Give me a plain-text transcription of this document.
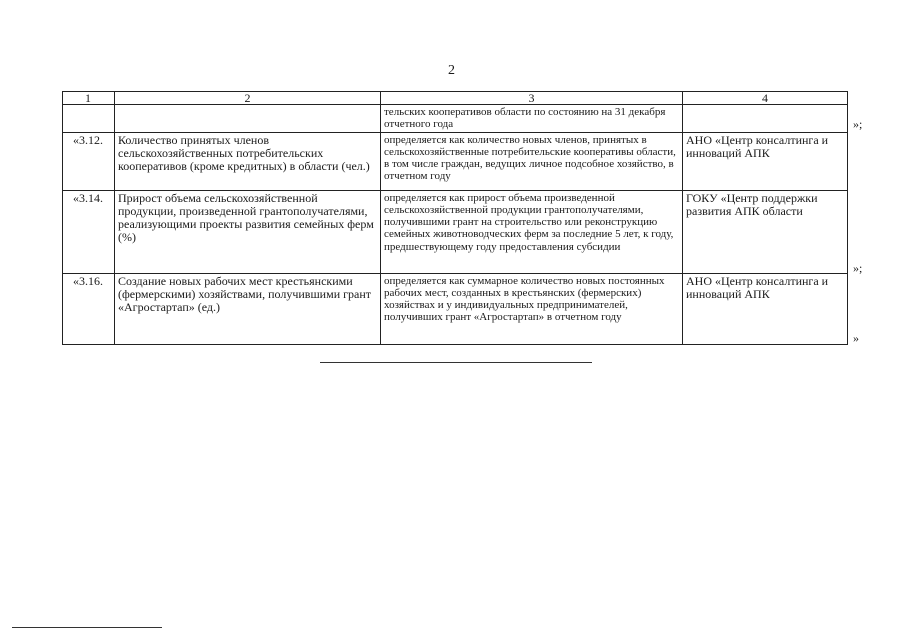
2
1	2	3	4
		тельских кооперативов области по состоянию на 31 декабря отчетного года	
«3.12.	Количество принятых членов сельскохозяйственных потребительских кооперативов (кроме кредитных) в области (чел.)	определяется как количество новых членов, принятых в сельскохозяйственные потребительские кооперативы области, в том числе граждан, ведущих личное подсобное хозяйство, в отчетном году	АНО «Центр консалтинга и инноваций АПК
«3.14.	Прирост объема сельскохозяйственной продукции, произведенной грантополучателями, реализующими проекты развития семейных ферм (%)	определяется как прирост объема произведенной сельскохозяйственной продукции грантополучателями, получившими грант на строительство или реконструкцию семейных животноводческих ферм за последние 5 лет, к году, предшествующему году предоставления субсидии	ГОКУ «Центр поддержки развития АПК области
«3.16.	Создание новых рабочих мест крестьянскими (фермерскими) хозяйствами, получившими грант «Агростартап» (ед.)	определяется как суммарное количество новых постоянных рабочих мест, созданных в крестьянских (фермерских) хозяйствах и у индивидуальных предпринимателей, получивших грант «Агростартап» в отчетном году	АНО «Центр консалтинга и инноваций АПК
»;
»;
»
